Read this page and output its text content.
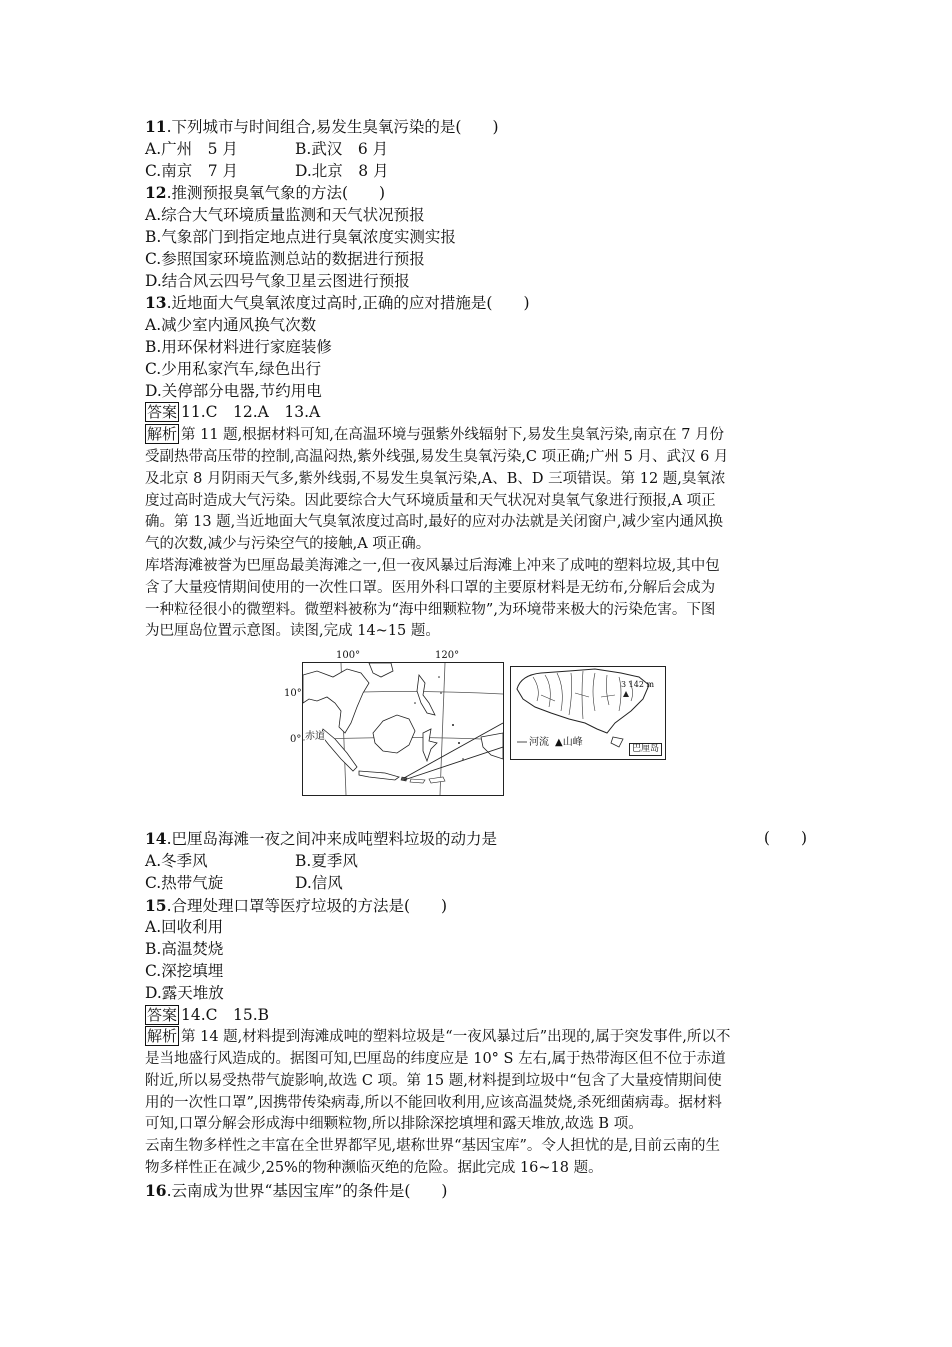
11.下列城市与时间组合,易发生臭氧污染的是(　　)
A.广州　5 月	B.武汉　6 月
C.南京　7 月	D.北京　8 月
12.推测预报臭氧气象的方法(　　)
A.综合大气环境质量监测和天气状况预报
B.气象部门到指定地点进行臭氧浓度实测实报
C.参照国家环境监测总站的数据进行预报
D.结合风云四号气象卫星云图进行预报
13.近地面大气臭氧浓度过高时,正确的应对措施是(　　)
A.减少室内通风换气次数
B.用环保材料进行家庭装修
C.少用私家汽车,绿色出行
D.关停部分电器,节约用电
答案 11.C　12.A　13.A
解析 第 11 题,根据材料可知,在高温环境与强紫外线辐射下,易发生臭氧污染,南京在 7 月份
受副热带高压带的控制,高温闷热,紫外线强,易发生臭氧污染,C 项正确;广州 5 月、武汉 6 月
及北京 8 月阴雨天气多,紫外线弱,不易发生臭氧污染,A、B、D 三项错误。第 12 题,臭氧浓
度过高时造成大气污染。因此要综合大气环境质量和天气状况对臭氧气象进行预报,A 项正
确。第 13 题,当近地面大气臭氧浓度过高时,最好的应对办法就是关闭窗户,减少室内通风换
气的次数,减少与污染空气的接触,A 项正确。
库塔海滩被誉为巴厘岛最美海滩之一,但一夜风暴过后海滩上冲来了成吨的塑料垃圾,其中包
含了大量疫情期间使用的一次性口罩。医用外科口罩的主要原材料是无纺布,分解后会成为
一种粒径很小的微塑料。微塑料被称为“海中细颗粒物”,为环境带来极大的污染危害。下图
为巴厘岛位置示意图。读图,完成 14~15 题。
100°	120°
10°
0° 赤道
3 142 m
河流 ▲山峰
巴厘岛
14.巴厘岛海滩一夜之间冲来成吨塑料垃圾的动力是	(　　)
A.冬季风	B.夏季风
C.热带气旋	D.信风
15.合理处理口罩等医疗垃圾的方法是(　　)
A.回收利用
B.高温焚烧
C.深挖填埋
D.露天堆放
答案 14.C　15.B
解析 第 14 题,材料提到海滩成吨的塑料垃圾是“一夜风暴过后”出现的,属于突发事件,所以不
是当地盛行风造成的。据图可知,巴厘岛的纬度应是 10° S 左右,属于热带海区但不位于赤道
附近,所以易受热带气旋影响,故选 C 项。第 15 题,材料提到垃圾中“包含了大量疫情期间使
用的一次性口罩”,因携带传染病毒,所以不能回收利用,应该高温焚烧,杀死细菌病毒。据材料
可知,口罩分解会形成海中细颗粒物,所以排除深挖填埋和露天堆放,故选 B 项。
云南生物多样性之丰富在全世界都罕见,堪称世界“基因宝库”。令人担忧的是,目前云南的生
物多样性正在减少,25%的物种濒临灭绝的危险。据此完成 16~18 题。
16.云南成为世界“基因宝库”的条件是(　　)
